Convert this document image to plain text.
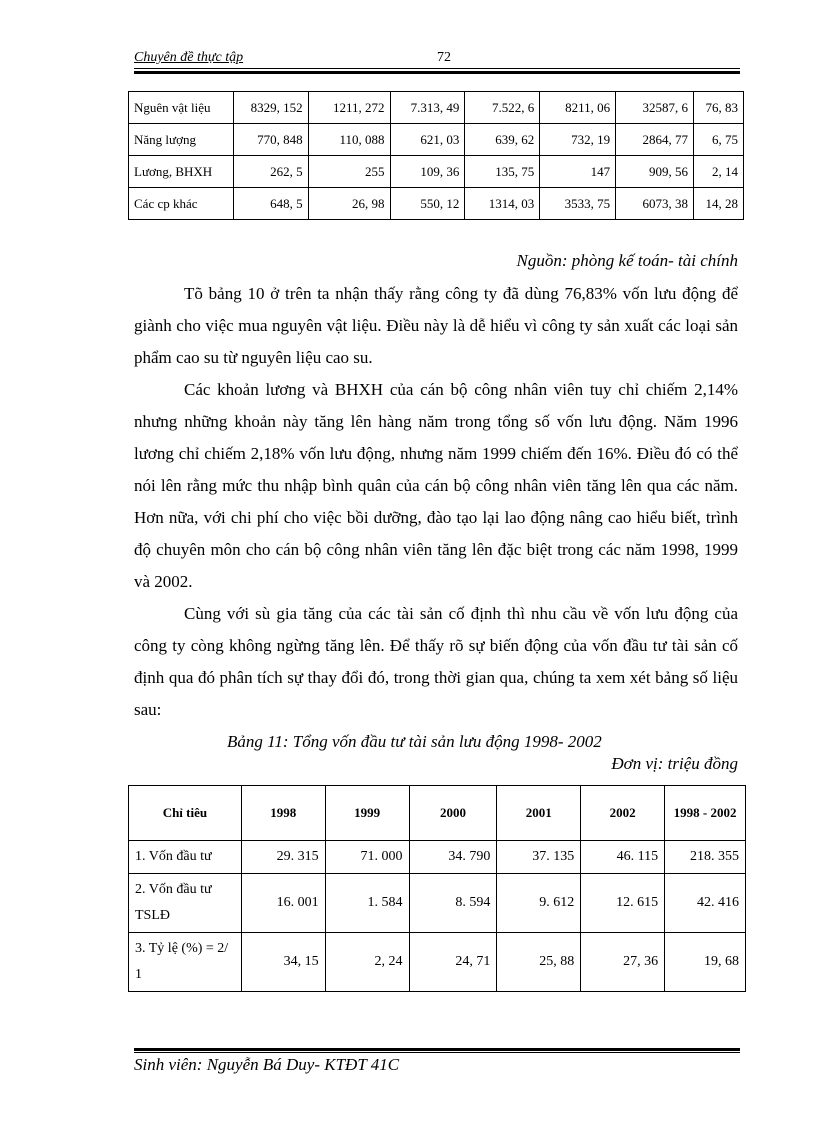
Chuyên đề thực tập	72
Nguên vật liệu	8329, 152	1211, 272	7.313, 49	7.522, 6	8211, 06	32587, 6	76, 83
Năng lượng	770, 848	110, 088	621, 03	639, 62	732, 19	2864, 77	6, 75
Lương, BHXH	262, 5	255	109, 36	135, 75	147	909, 56	2, 14
Các cp khác	648, 5	26, 98	550, 12	1314, 03	3533, 75	6073, 38	14, 28
Nguồn: phòng kế toán- tài chính

Tõ bảng 10 ở trên ta nhận thấy rằng công ty đã dùng 76,83% vốn lưu động để giành cho việc mua nguyên vật liệu. Điều này là dễ hiểu vì công ty sản xuất các loại sản phẩm cao su từ nguyên liệu cao su.

Các khoản lương và BHXH của cán bộ công nhân viên tuy chỉ chiếm 2,14% nhưng những khoản này tăng lên hàng năm trong tổng số vốn lưu động. Năm 1996 lương chỉ chiếm 2,18% vốn lưu động, nhưng năm 1999 chiếm đến 16%. Điều đó có thể nói lên rằng mức thu nhập bình quân của cán bộ công nhân viên tăng lên qua các năm. Hơn nữa, với chi phí cho việc bồi dưỡng, đào tạo lại lao động nâng cao hiểu biết, trình độ chuyên môn cho cán bộ công nhân viên tăng lên đặc biệt trong các năm 1998, 1999 và 2002.

Cùng với sù gia tăng của các tài sản cố định thì nhu cầu về vốn lưu động của công ty còng không ngừng tăng lên. Để thấy rõ sự biến động của vốn đầu tư tài sản cố định qua đó phân tích sự thay đổi đó, trong thời gian qua, chúng ta xem xét bảng số liệu sau:

Bảng 11: Tổng vốn đầu tư tài sản lưu động 1998- 2002
Đơn vị: triệu đồng
Chỉ tiêu	1998	1999	2000	2001	2002	1998 - 2002
1. Vốn đầu tư	29. 315	71. 000	34. 790	37. 135	46. 115	218. 355
2. Vốn đầu tư TSLĐ	16. 001	1. 584	8. 594	9. 612	12. 615	42. 416
3. Tỷ lệ (%) = 2/ 1	34, 15	2, 24	24, 71	25, 88	27, 36	19, 68
Sinh viên: Nguyễn Bá Duy- KTĐT 41C
